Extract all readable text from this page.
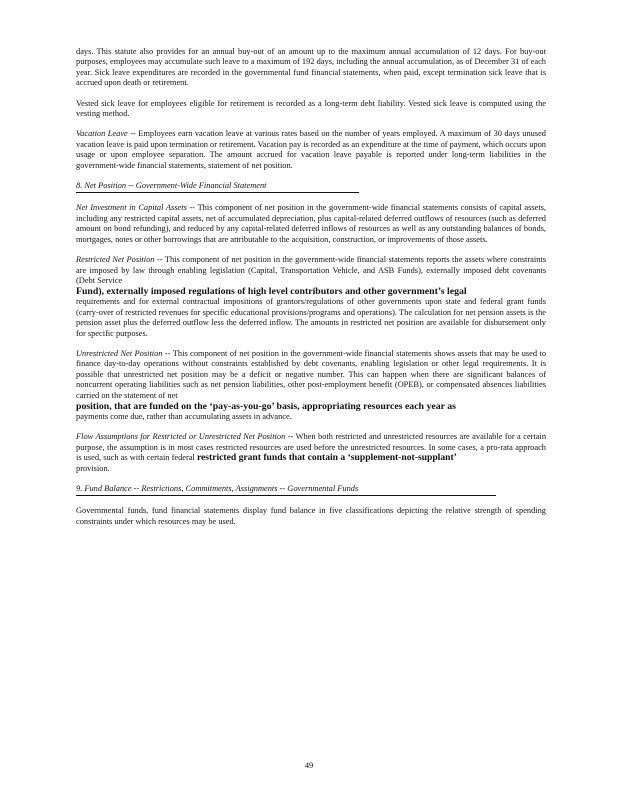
days. This statute also provides for an annual buy-out of an amount up to the maximum annual accumulation of 12 days. For buy-out purposes, employees may accumulate such leave to a maximum of 192 days, including the annual accumulation, as of December 31 of each year. Sick leave expenditures are recorded in the governmental fund financial statements, when paid, except termination sick leave that is accrued upon death or retirement.

Vested sick leave for employees eligible for retirement is recorded as a long-term debt liability. Vested sick leave is computed using the vesting method.

Vacation Leave -- Employees earn vacation leave at various rates based on the number of years employed. A maximum of 30 days unused vacation leave is paid upon termination or retirement. Vacation pay is recorded as an expenditure at the time of payment, which occurs upon usage or upon employee separation. The amount accrued for vacation leave payable is reported under long-term liabilities in the government-wide financial statements, statement of net position.

8. Net Position -- Government-Wide Financial Statement

Net Investment in Capital Assets -- This component of net position in the government-wide financial statements consists of capital assets, including any restricted capital assets, net of accumulated depreciation, plus capital-related deferred outflows of resources (such as deferred amount on bond refunding), and reduced by any capital-related deferred inflows of resources as well as any outstanding balances of bonds, mortgages, notes or other borrowings that are attributable to the acquisition, construction, or improvements of those assets.

Restricted Net Position -- This component of net position in the government-wide financial statements reports the assets where constraints are imposed by law through enabling legislation (Capital, Transportation Vehicle, and ASB Funds), externally imposed debt covenants (Debt Service
Fund), externally imposed regulations of high level contributors and other government’s legal
requirements and for external contractual impositions of grantors/regulations of other governments upon state and federal grant funds (carry-over of restricted revenues for specific educational provisions/programs and operations). The calculation for net pension assets is the pension asset plus the deferred outflow less the deferred inflow. The amounts in restricted net position are available for disbursement only for specific purposes.

Unrestricted Net Position -- This component of net position in the government-wide financial statements shows assets that may be used to finance day-to-day operations without constraints established by debt covenants, enabling legislation or other legal requirements. It is possible that unrestricted net position may be a deficit or negative number. This can happen when there are significant balances of noncurrent operating liabilities such as net pension liabilities, other post-employment benefit (OPEB), or compensated absences liabilities carried on the statement of net
position, that are funded on the ‘pay-as-you-go’ basis, appropriating resources each year as
payments come due, rather than accumulating assets in advance.

Flow Assumptions for Restricted or Unrestricted Net Position -- When both restricted and unrestricted resources are available for a certain purpose, the assumption is in most cases restricted resources are used before the unrestricted resources. In some cases, a pro-rata approach is used, such as with certain federal restricted grant funds that contain a ‘supplement-not-supplant’
provision.

9. Fund Balance -- Restrictions, Commitments, Assignments -- Governmental Funds

Governmental funds, fund financial statements display fund balance in five classifications depicting the relative strength of spending constraints under which resources may be used.

49
